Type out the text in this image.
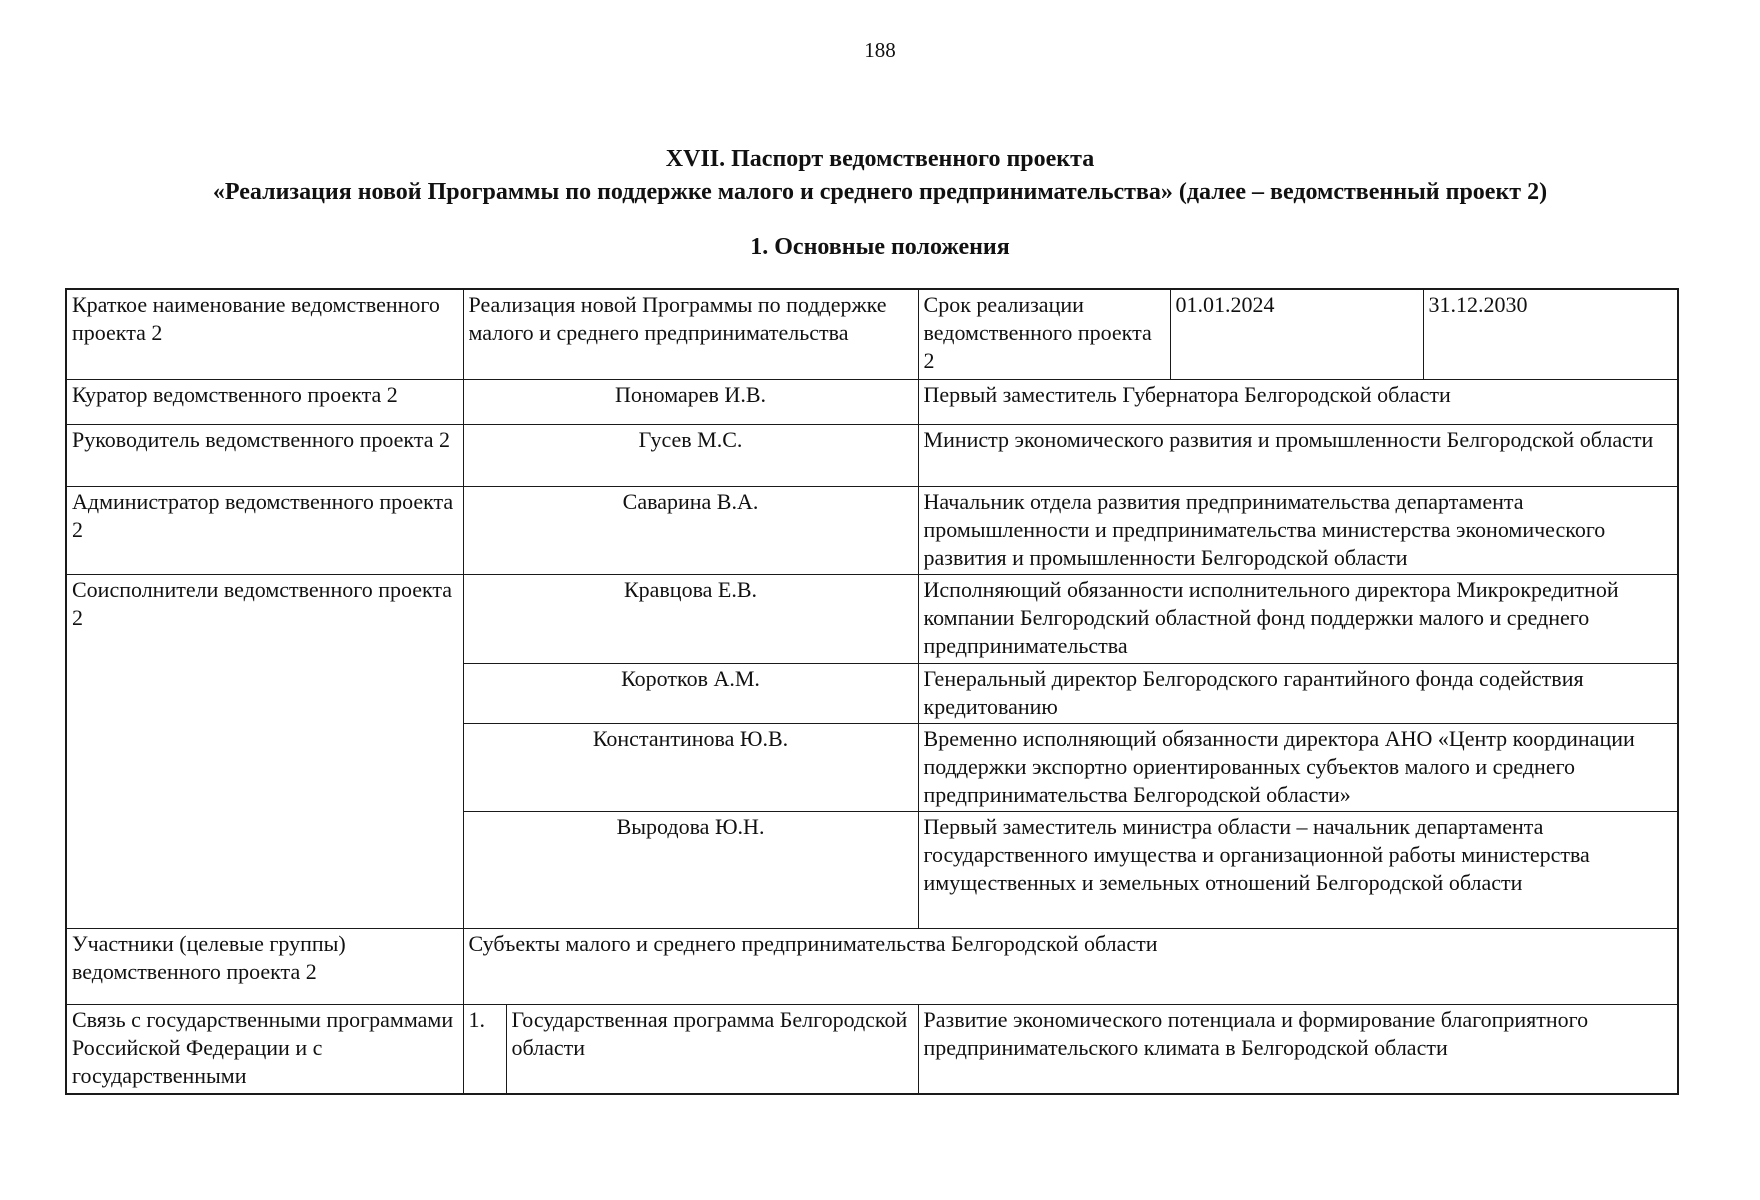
188
XVII. Паспорт ведомственного проекта
«Реализация новой Программы по поддержке малого и среднего предпринимательства» (далее – ведомственный проект 2)
1. Основные положения
Краткое наименование ведомственного проекта 2	Реализация новой Программы по поддержке малого и среднего предпринимательства		Срок реализации ведомственного проекта 2	01.01.2024	31.12.2030
Куратор ведомственного проекта 2	Пономарев И.В.		Первый заместитель Губернатора Белгородской области		
Руководитель ведомственного проекта 2	Гусев М.С.		Министр экономического развития и промышленности Белгородской области		
Администратор ведомственного проекта 2	Саварина В.А.		Начальник отдела развития предпринимательства департамента промышленности и предпринимательства министерства экономического развития и промышленности Белгородской области		
Соисполнители ведомственного проекта 2	Кравцова Е.В.		Исполняющий обязанности исполнительного директора Микрокредитной компании Белгородский областной фонд поддержки малого и среднего предпринимательства		
	Коротков А.М.		Генеральный директор Белгородского гарантийного фонда содействия кредитованию		
	Константинова Ю.В.		Временно исполняющий обязанности директора АНО «Центр координации поддержки экспортно ориентированных субъектов малого и среднего предпринимательства Белгородской области»		
	Выродова Ю.Н.		Первый заместитель министра области – начальник департамента государственного имущества и организационной работы министерства имущественных и земельных отношений Белгородской области		
Участники (целевые группы) ведомственного проекта 2	Субъекты малого и среднего предпринимательства Белгородской области				
Связь с государственными программами Российской Федерации и с государственными	1.	Государственная программа Белгородской области	Развитие экономического потенциала и формирование благоприятного предпринимательского климата в Белгородской области		
